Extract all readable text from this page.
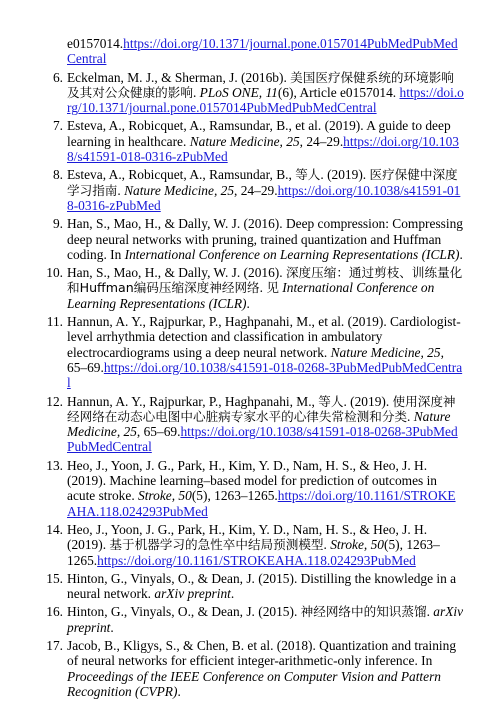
e0157014.https://doi.org/10.1371/journal.pone.0157014PubMedPubMedCentral
6. Eckelman, M. J., & Sherman, J. (2016b). 美国医疗保健系统的环境影响及其对公众健康的影响. PLoS ONE, 11(6), Article e0157014. https://doi.org/10.1371/journal.pone.0157014PubMedPubMedCentral
7. Esteva, A., Robicquet, A., Ramsundar, B., et al. (2019). A guide to deep learning in healthcare. Nature Medicine, 25, 24–29.https://doi.org/10.1038/s41591-018-0316-zPubMed
8. Esteva, A., Robicquet, A., Ramsundar, B., 等人. (2019). 医疗保健中深度学习指南. Nature Medicine, 25, 24–29.https://doi.org/10.1038/s41591-018-0316-zPubMed
9. Han, S., Mao, H., & Dally, W. J. (2016). Deep compression: Compressing deep neural networks with pruning, trained quantization and Huffman coding. In International Conference on Learning Representations (ICLR).
10. Han, S., Mao, H., & Dally, W. J. (2016). 深度压缩：通过剪枝、训练量化和Huffman编码压缩深度神经网络. 见 International Conference on Learning Representations (ICLR).
11. Hannun, A. Y., Rajpurkar, P., Haghpanahi, M., et al. (2019). Cardiologist-level arrhythmia detection and classification in ambulatory electrocardiograms using a deep neural network. Nature Medicine, 25, 65–69.https://doi.org/10.1038/s41591-018-0268-3PubMedPubMedCentral
12. Hannun, A. Y., Rajpurkar, P., Haghpanahi, M., 等人. (2019). 使用深度神经网络在动态心电图中心脏病专家水平的心律失常检测和分类. Nature Medicine, 25, 65–69.https://doi.org/10.1038/s41591-018-0268-3PubMedPubMedCentral
13. Heo, J., Yoon, J. G., Park, H., Kim, Y. D., Nam, H. S., & Heo, J. H. (2019). Machine learning–based model for prediction of outcomes in acute stroke. Stroke, 50(5), 1263–1265.https://doi.org/10.1161/STROKEAHA.118.024293PubMed
14. Heo, J., Yoon, J. G., Park, H., Kim, Y. D., Nam, H. S., & Heo, J. H. (2019). 基于机器学习的急性卒中结局预测模型. Stroke, 50(5), 1263–1265.https://doi.org/10.1161/STROKEAHA.118.024293PubMed
15. Hinton, G., Vinyals, O., & Dean, J. (2015). Distilling the knowledge in a neural network. arXiv preprint.
16. Hinton, G., Vinyals, O., & Dean, J. (2015). 神经网络中的知识蒸馏. arXiv preprint.
17. Jacob, B., Kligys, S., & Chen, B. et al. (2018). Quantization and training of neural networks for efficient integer-arithmetic-only inference. In Proceedings of the IEEE Conference on Computer Vision and Pattern Recognition (CVPR).
